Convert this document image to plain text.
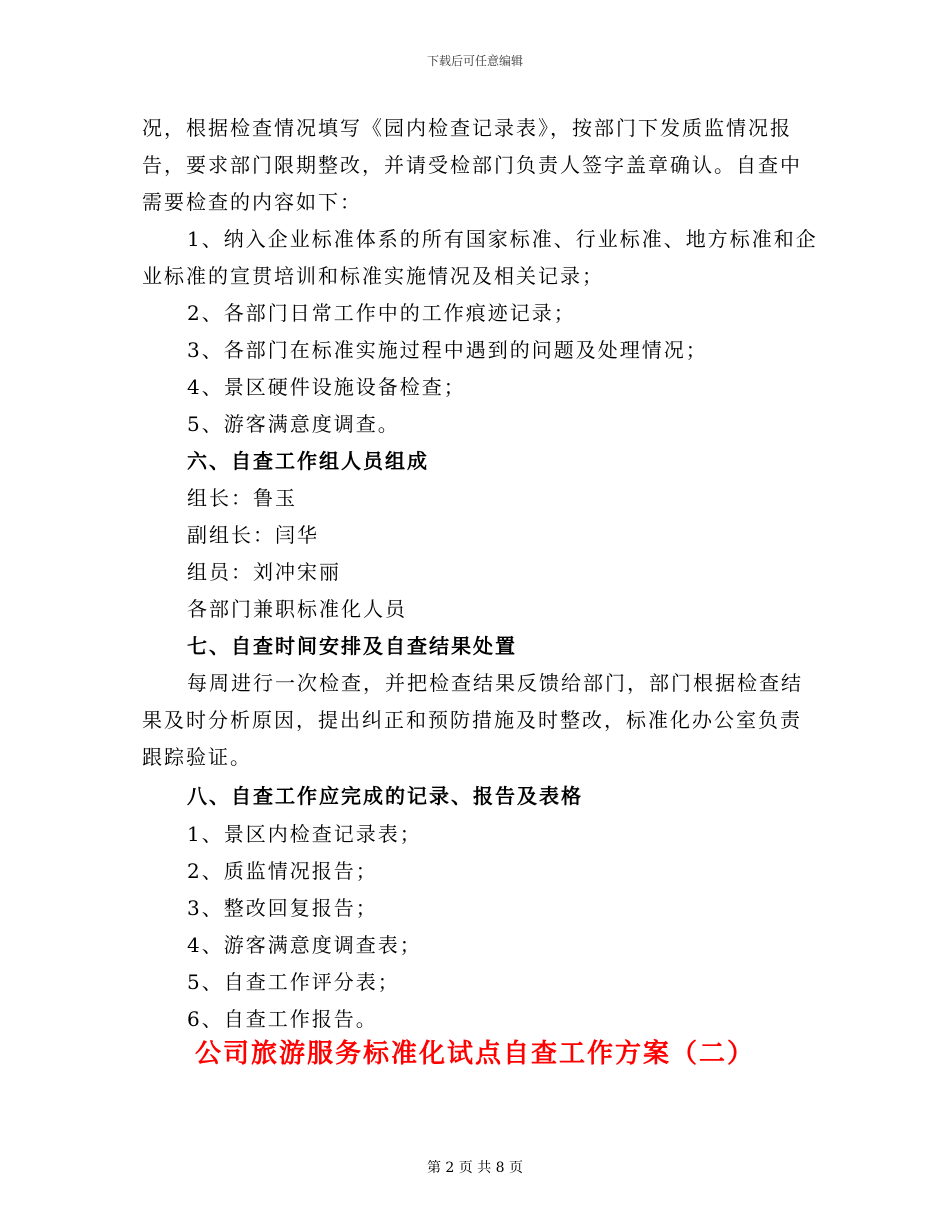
下载后可任意编辑

况，根据检查情况填写《园内检查记录表》，按部门下发质监情况报

告，要求部门限期整改，并请受检部门负责人签字盖章确认。自查中

需要检查的内容如下：

1、纳入企业标准体系的所有国家标准、行业标准、地方标准和企

业标准的宣贯培训和标准实施情况及相关记录；

2、各部门日常工作中的工作痕迹记录；

3、各部门在标准实施过程中遇到的问题及处理情况；

4、景区硬件设施设备检查；

5、游客满意度调查。

六、自查工作组人员组成

组长：鲁玉

副组长：闫华

组员：刘冲宋丽

各部门兼职标准化人员

七、自查时间安排及自查结果处置

每周进行一次检查，并把检查结果反馈给部门，部门根据检查结

果及时分析原因，提出纠正和预防措施及时整改，标准化办公室负责

跟踪验证。

八、自查工作应完成的记录、报告及表格

1、景区内检查记录表；

2、质监情况报告；

3、整改回复报告；

4、游客满意度调查表；

5、自查工作评分表；

6、自查工作报告。

公司旅游服务标准化试点自查工作方案（二）
第 2 页 共 8 页
